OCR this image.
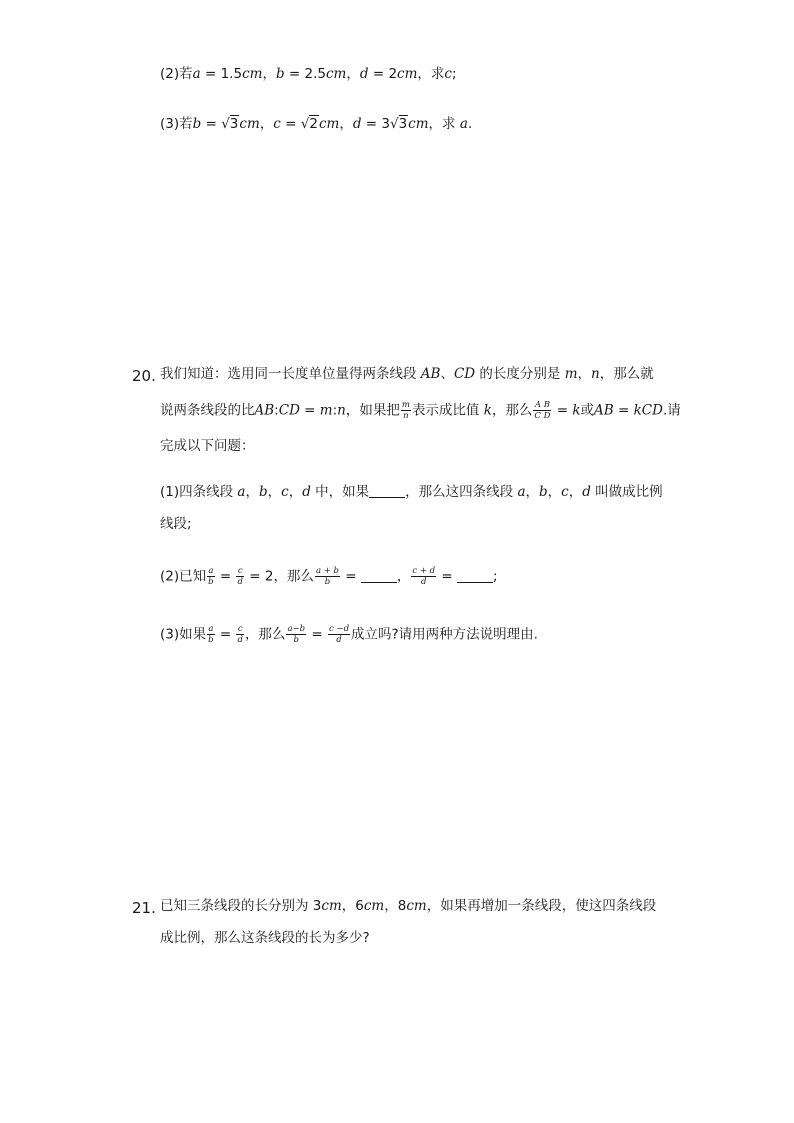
(2)若a = 1.5cm，b = 2.5cm，d = 2cm，求c;
(3)若b = √3cm，c = √2cm，d = 3√3cm，求 a.
20. 我们知道：选用同一长度单位量得两条线段 AB、CD 的长度分别是 m，n，那么就
说两条线段的比AB:CD = m:n，如果把 $\frac{m}{n}$ 表示成比值 k，那么 $\frac{\text{A B}}{\text{C D}} = k$或AB = kCD.请
完成以下问题：
(1)四条线段 a，b，c，d 中，如果	，那么这四条线段 a，b，c，d 叫做成比例
线段;
(2)已知 $\frac{a}{b} = \frac{c}{d} = 2$，那么 $\frac{a + b}{b}$ =	， $\frac{c + d}{d}$ =	;
(3)如果 $\frac{a}{b} = \frac{c}{d}$ ，那么 $\frac{a-b}{b} = \frac{c -d}{d}$ 成立吗?请用两种方法说明理由.
21. 已知三条线段的长分别为 3cm，6cm，8cm，如果再增加一条线段，使这四条线段
成比例，那么这条线段的长为多少?
